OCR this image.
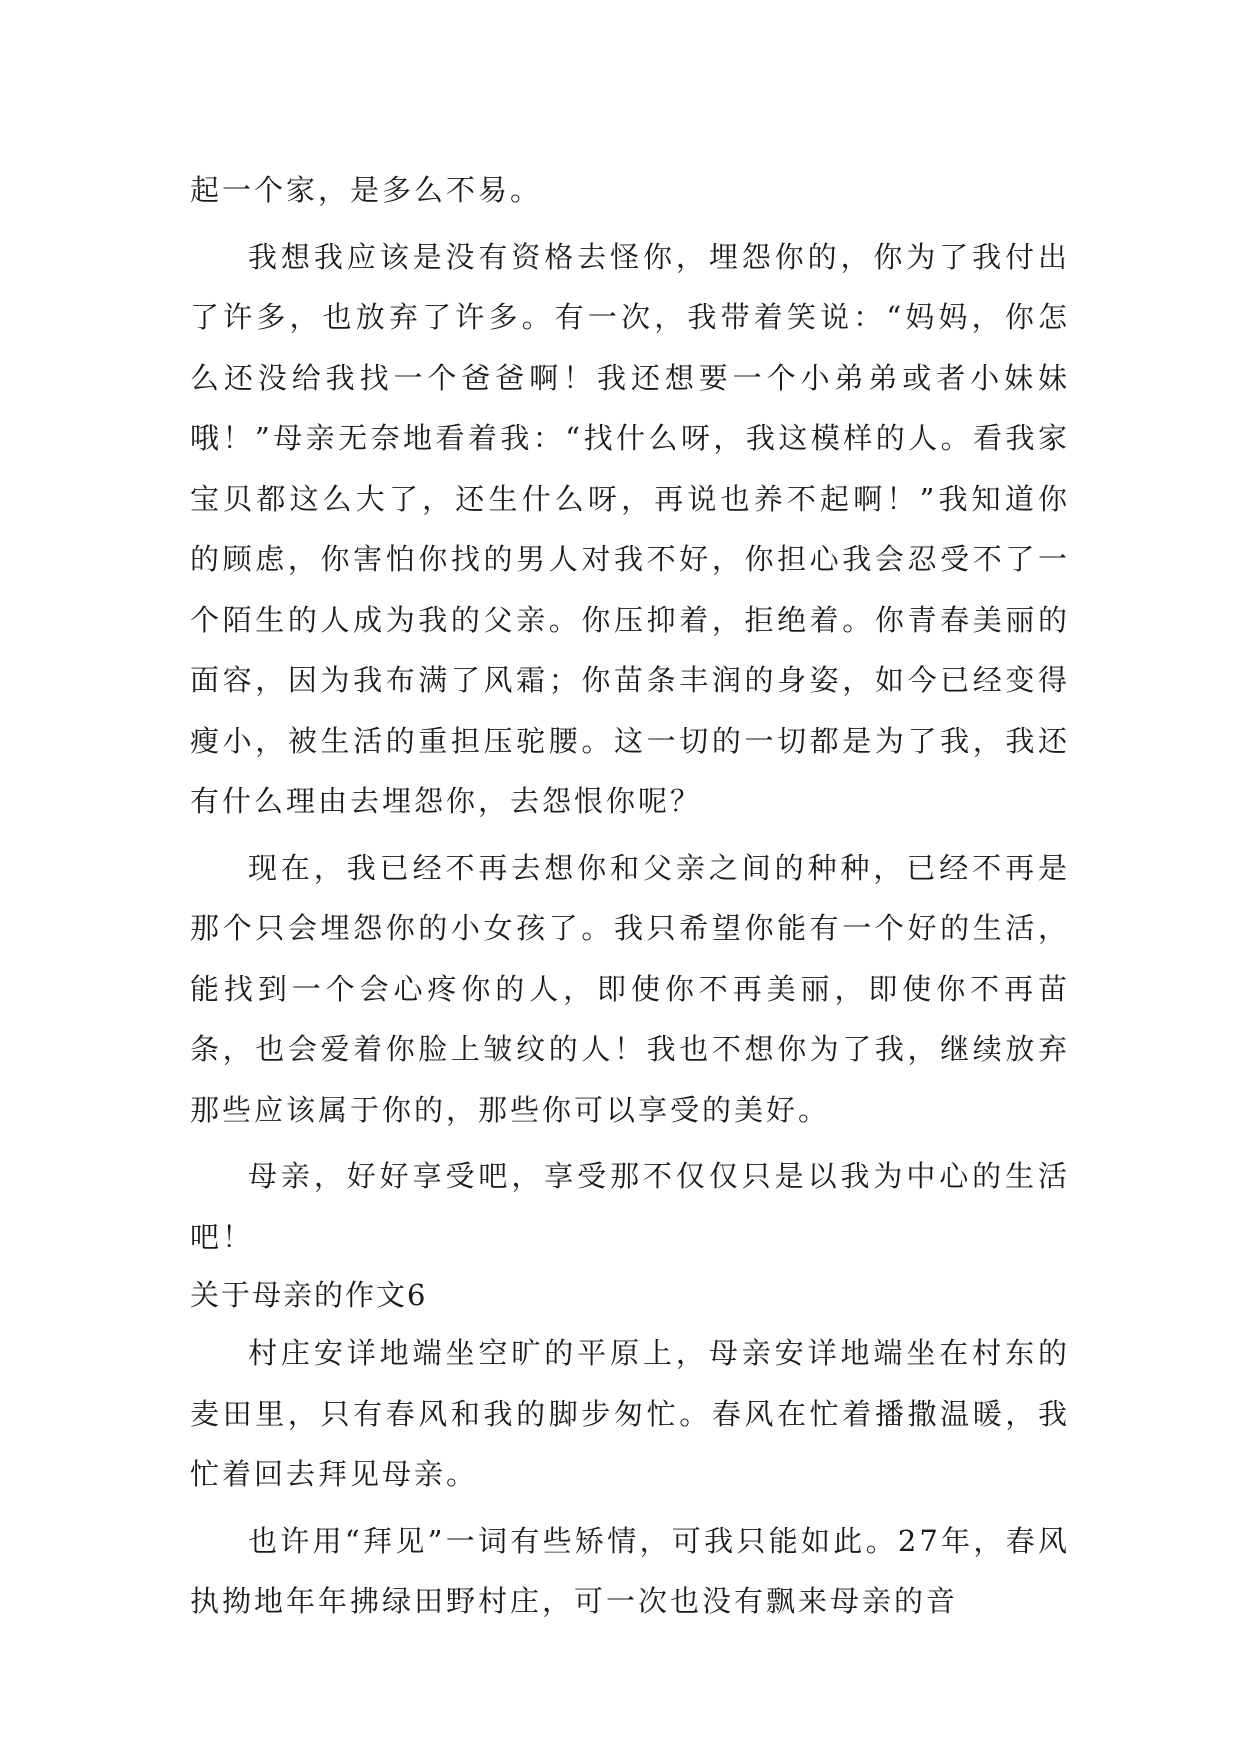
起一个家，是多么不易。

我想我应该是没有资格去怪你，埋怨你的，你为了我付出了许多，也放弃了许多。有一次，我带着笑说：“妈妈，你怎么还没给我找一个爸爸啊！我还想要一个小弟弟或者小妹妹哦！”母亲无奈地看着我：“找什么呀，我这模样的人。看我家宝贝都这么大了，还生什么呀，再说也养不起啊！”我知道你的顾虑，你害怕你找的男人对我不好，你担心我会忍受不了一个陌生的人成为我的父亲。你压抑着，拒绝着。你青春美丽的面容，因为我布满了风霜；你苗条丰润的身姿，如今已经变得瘦小，被生活的重担压驼腰。这一切的一切都是为了我，我还有什么理由去埋怨你，去怨恨你呢？

现在，我已经不再去想你和父亲之间的种种，已经不再是那个只会埋怨你的小女孩了。我只希望你能有一个好的生活，能找到一个会心疼你的人，即使你不再美丽，即使你不再苗条，也会爱着你脸上皱纹的人！我也不想你为了我，继续放弃那些应该属于你的，那些你可以享受的美好。

母亲，好好享受吧，享受那不仅仅只是以我为中心的生活吧！

关于母亲的作文6

村庄安详地端坐空旷的平原上，母亲安详地端坐在村东的麦田里，只有春风和我的脚步匆忙。春风在忙着播撒温暖，我忙着回去拜见母亲。

也许用“拜见”一词有些矫情，可我只能如此。27年，春风执拗地年年拂绿田野村庄，可一次也没有飘来母亲的音
